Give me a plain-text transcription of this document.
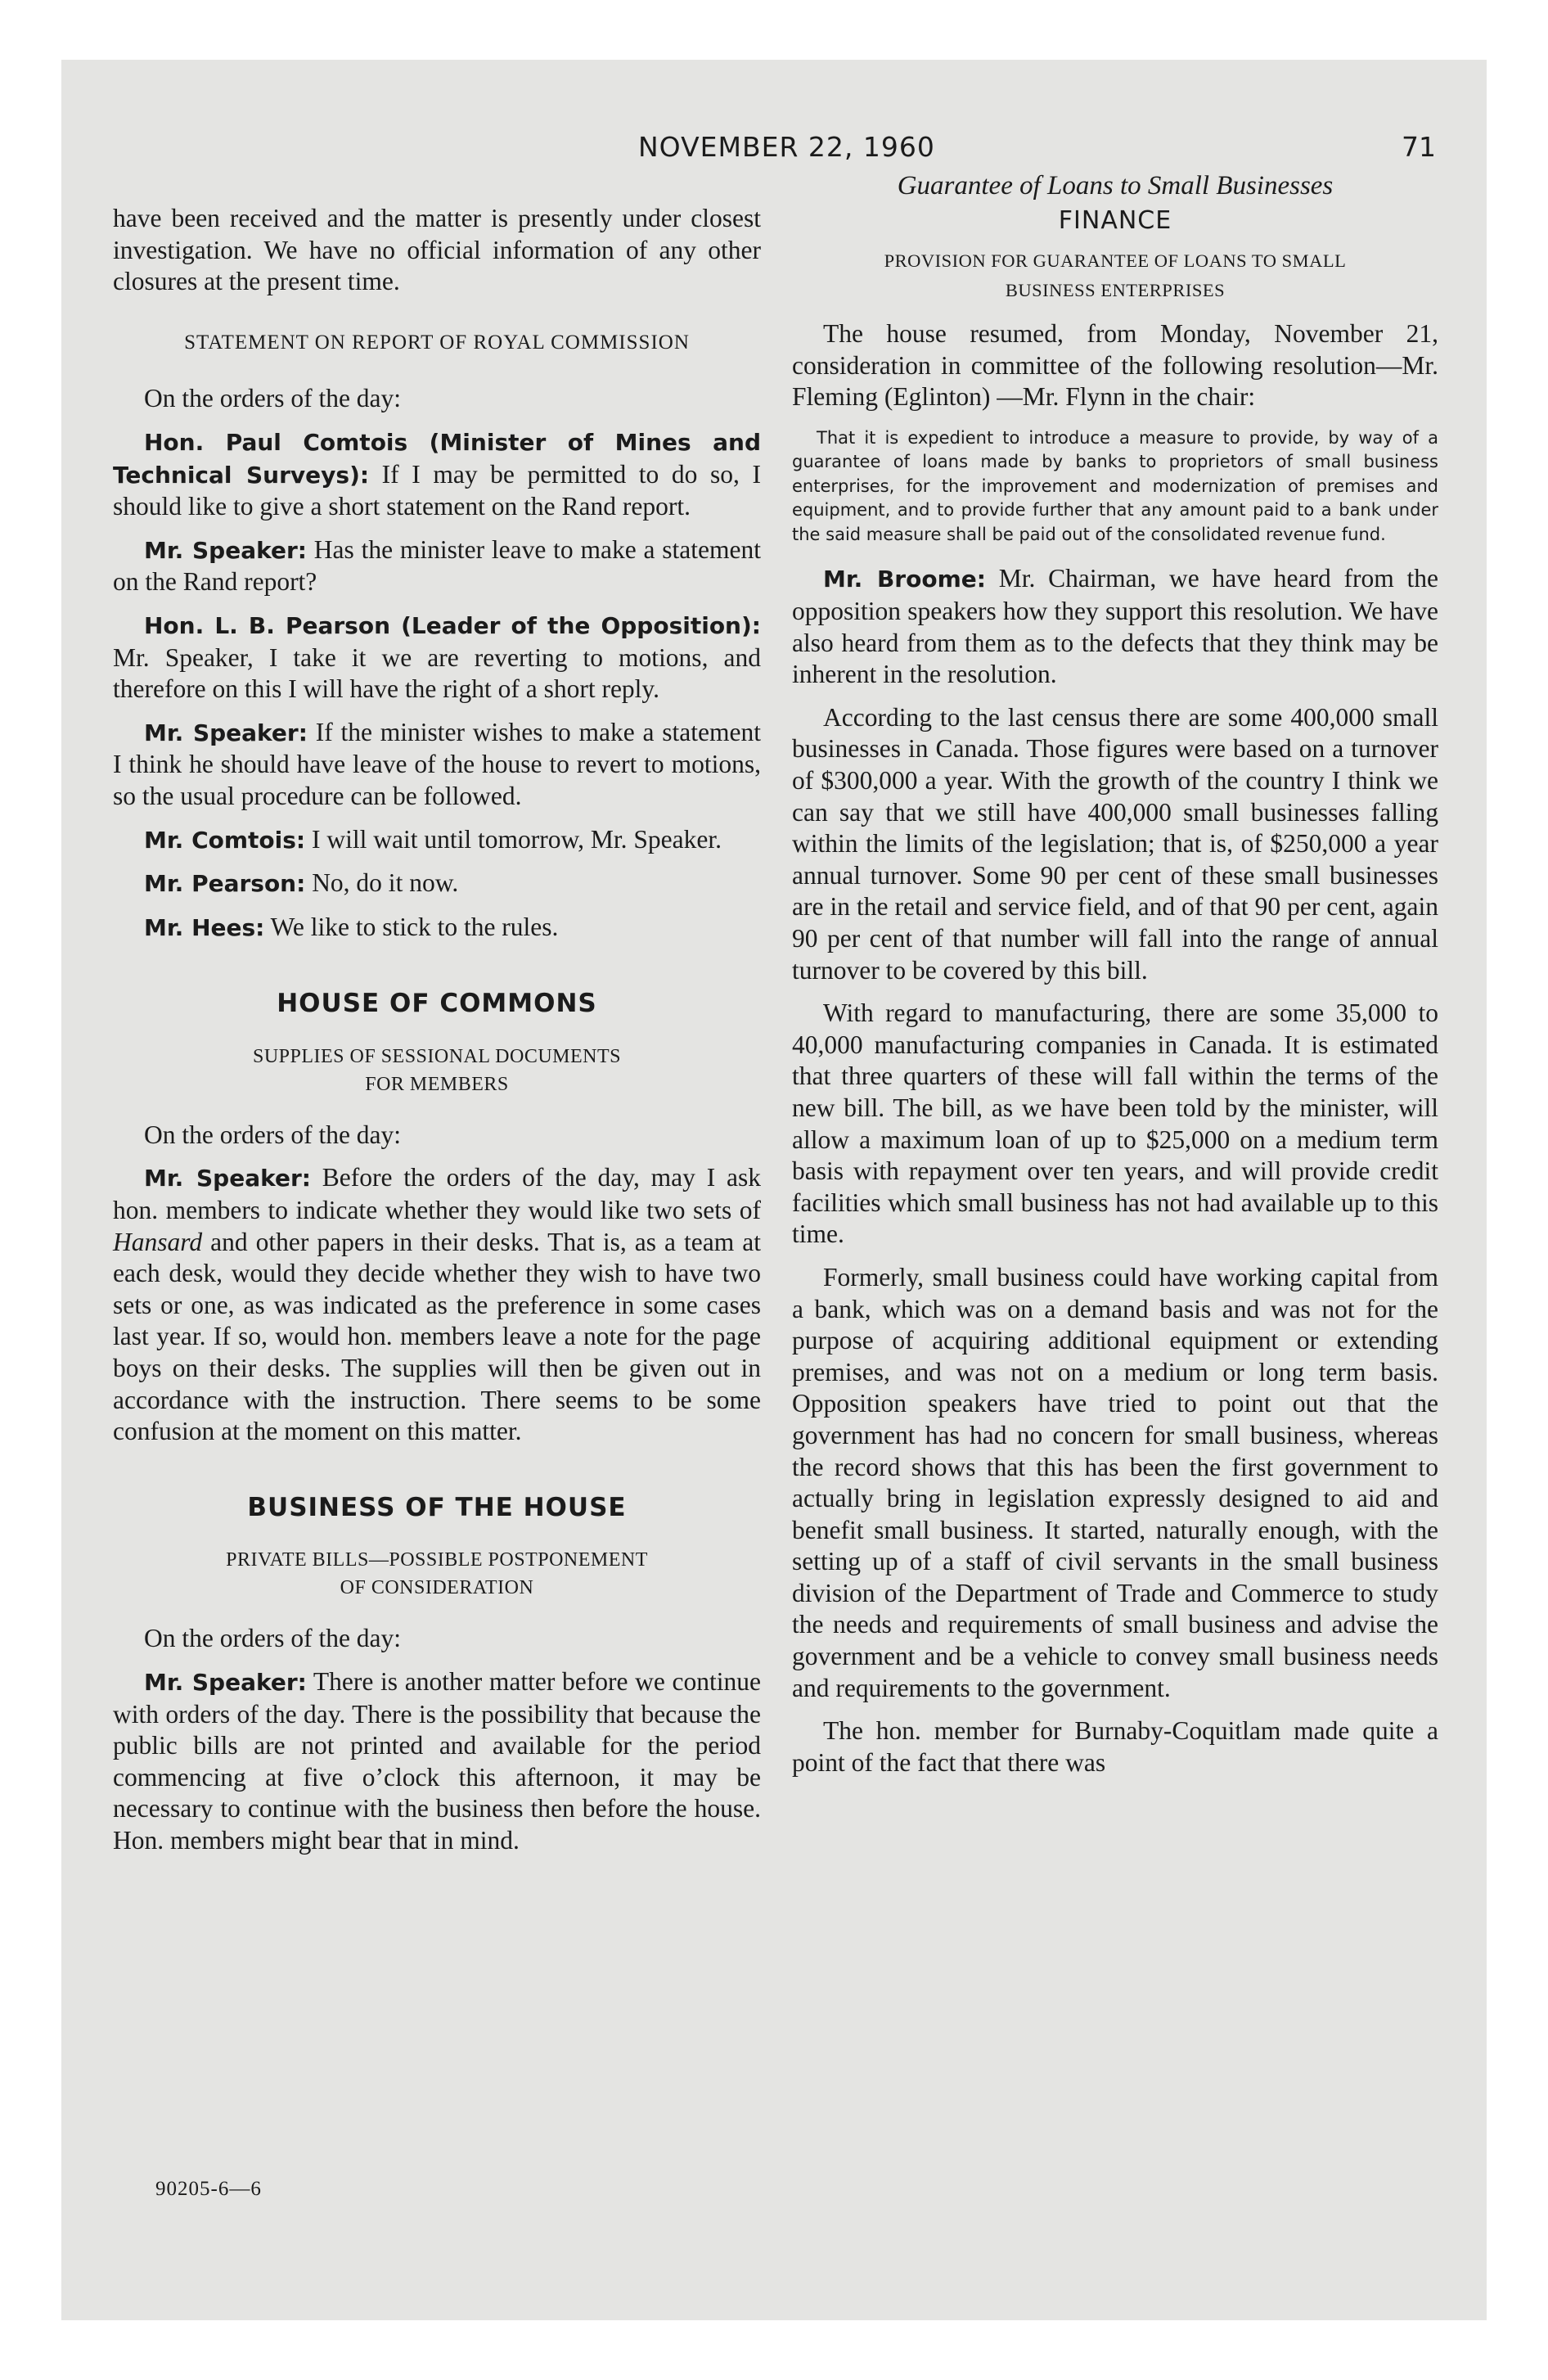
NOVEMBER 22, 1960	71

have been received and the matter is presently under closest investigation. We have no official information of any other closures at the present time.

STATEMENT ON REPORT OF ROYAL COMMISSION

On the orders of the day:

Hon. Paul Comtois (Minister of Mines and Technical Surveys): If I may be permitted to do so, I should like to give a short statement on the Rand report.

Mr. Speaker: Has the minister leave to make a statement on the Rand report?

Hon. L. B. Pearson (Leader of the Opposition): Mr. Speaker, I take it we are reverting to motions, and therefore on this I will have the right of a short reply.

Mr. Speaker: If the minister wishes to make a statement I think he should have leave of the house to revert to motions, so the usual procedure can be followed.

Mr. Comtois: I will wait until tomorrow, Mr. Speaker.

Mr. Pearson: No, do it now.

Mr. Hees: We like to stick to the rules.

HOUSE OF COMMONS
SUPPLIES OF SESSIONAL DOCUMENTS
FOR MEMBERS

On the orders of the day:

Mr. Speaker: Before the orders of the day, may I ask hon. members to indicate whether they would like two sets of Hansard and other papers in their desks. That is, as a team at each desk, would they decide whether they wish to have two sets or one, as was indicated as the preference in some cases last year. If so, would hon. members leave a note for the page boys on their desks. The supplies will then be given out in accordance with the instruction. There seems to be some confusion at the moment on this matter.

BUSINESS OF THE HOUSE
PRIVATE BILLS—POSSIBLE POSTPONEMENT
OF CONSIDERATION

On the orders of the day:

Mr. Speaker: There is another matter before we continue with orders of the day. There is the possibility that because the public bills are not printed and available for the period commencing at five o’clock this afternoon, it may be necessary to continue with the business then before the house. Hon. members might bear that in mind.

Guarantee of Loans to Small Businesses
FINANCE
PROVISION FOR GUARANTEE OF LOANS TO SMALL
BUSINESS ENTERPRISES

The house resumed, from Monday, November 21, consideration in committee of the following resolution—Mr. Fleming (Eglinton) —Mr. Flynn in the chair:

That it is expedient to introduce a measure to provide, by way of a guarantee of loans made by banks to proprietors of small business enterprises, for the improvement and modernization of premises and equipment, and to provide further that any amount paid to a bank under the said measure shall be paid out of the consolidated revenue fund.

Mr. Broome: Mr. Chairman, we have heard from the opposition speakers how they support this resolution. We have also heard from them as to the defects that they think may be inherent in the resolution.

According to the last census there are some 400,000 small businesses in Canada. Those figures were based on a turnover of $300,000 a year. With the growth of the country I think we can say that we still have 400,000 small businesses falling within the limits of the legislation; that is, of $250,000 a year annual turnover. Some 90 per cent of these small businesses are in the retail and service field, and of that 90 per cent, again 90 per cent of that number will fall into the range of annual turnover to be covered by this bill.

With regard to manufacturing, there are some 35,000 to 40,000 manufacturing companies in Canada. It is estimated that three quarters of these will fall within the terms of the new bill. The bill, as we have been told by the minister, will allow a maximum loan of up to $25,000 on a medium term basis with repayment over ten years, and will provide credit facilities which small business has not had available up to this time.

Formerly, small business could have working capital from a bank, which was on a demand basis and was not for the purpose of acquiring additional equipment or extending premises, and was not on a medium or long term basis. Opposition speakers have tried to point out that the government has had no concern for small business, whereas the record shows that this has been the first government to actually bring in legislation expressly designed to aid and benefit small business. It started, naturally enough, with the setting up of a staff of civil servants in the small business division of the Department of Trade and Commerce to study the needs and requirements of small business and advise the government and be a vehicle to convey small business needs and requirements to the government.

The hon. member for Burnaby-Coquitlam made quite a point of the fact that there was

90205-6—6
